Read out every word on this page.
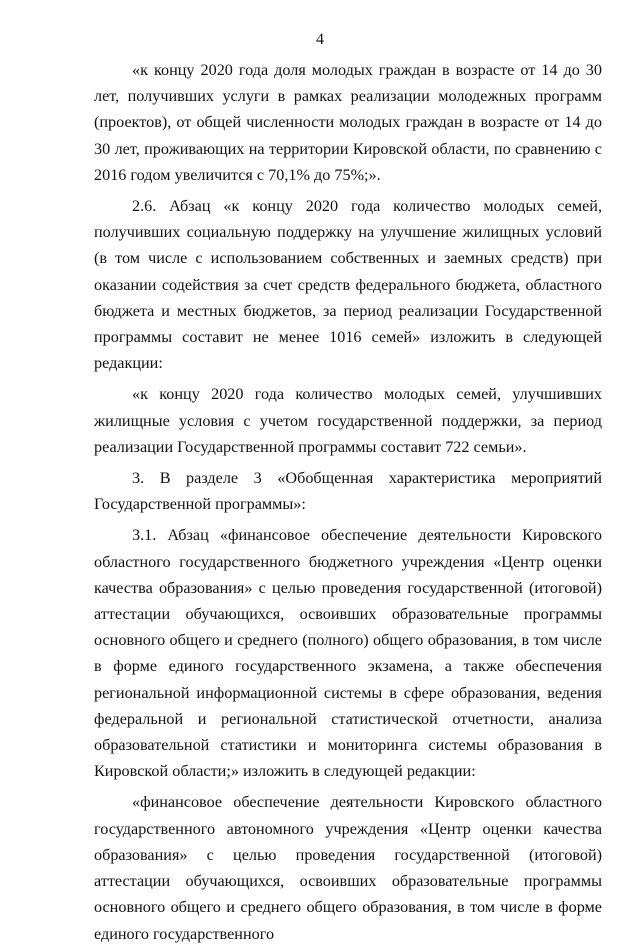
4

«к концу 2020 года доля молодых граждан в возрасте от 14 до 30 лет, получивших услуги в рамках реализации молодежных программ (проектов), от общей численности молодых граждан в возрасте от 14 до 30 лет, проживающих на территории Кировской области, по сравнению с 2016 годом увеличится с 70,1% до 75%;».

2.6. Абзац «к концу 2020 года количество молодых семей, получивших социальную поддержку на улучшение жилищных условий (в том числе с использованием собственных и заемных средств) при оказании содействия за счет средств федерального бюджета, областного бюджета и местных бюджетов, за период реализации Государственной программы составит не менее 1016 семей» изложить в следующей редакции:

«к концу 2020 года количество молодых семей, улучшивших жилищные условия с учетом государственной поддержки, за период реализации Государственной программы составит 722 семьи».

3. В разделе 3 «Обобщенная характеристика мероприятий Государственной программы»:

3.1. Абзац «финансовое обеспечение деятельности Кировского областного государственного бюджетного учреждения «Центр оценки качества образования» с целью проведения государственной (итоговой) аттестации обучающихся, освоивших образовательные программы основного общего и среднего (полного) общего образования, в том числе в форме единого государственного экзамена, а также обеспечения региональной информационной системы в сфере образования, ведения федеральной и региональной статистической отчетности, анализа образовательной статистики и мониторинга системы образования в Кировской области;» изложить в следующей редакции:

«финансовое обеспечение деятельности Кировского областного государственного автономного учреждения «Центр оценки качества образования» с целью проведения государственной (итоговой) аттестации обучающихся, освоивших образовательные программы основного общего и среднего общего образования, в том числе в форме единого государственного
